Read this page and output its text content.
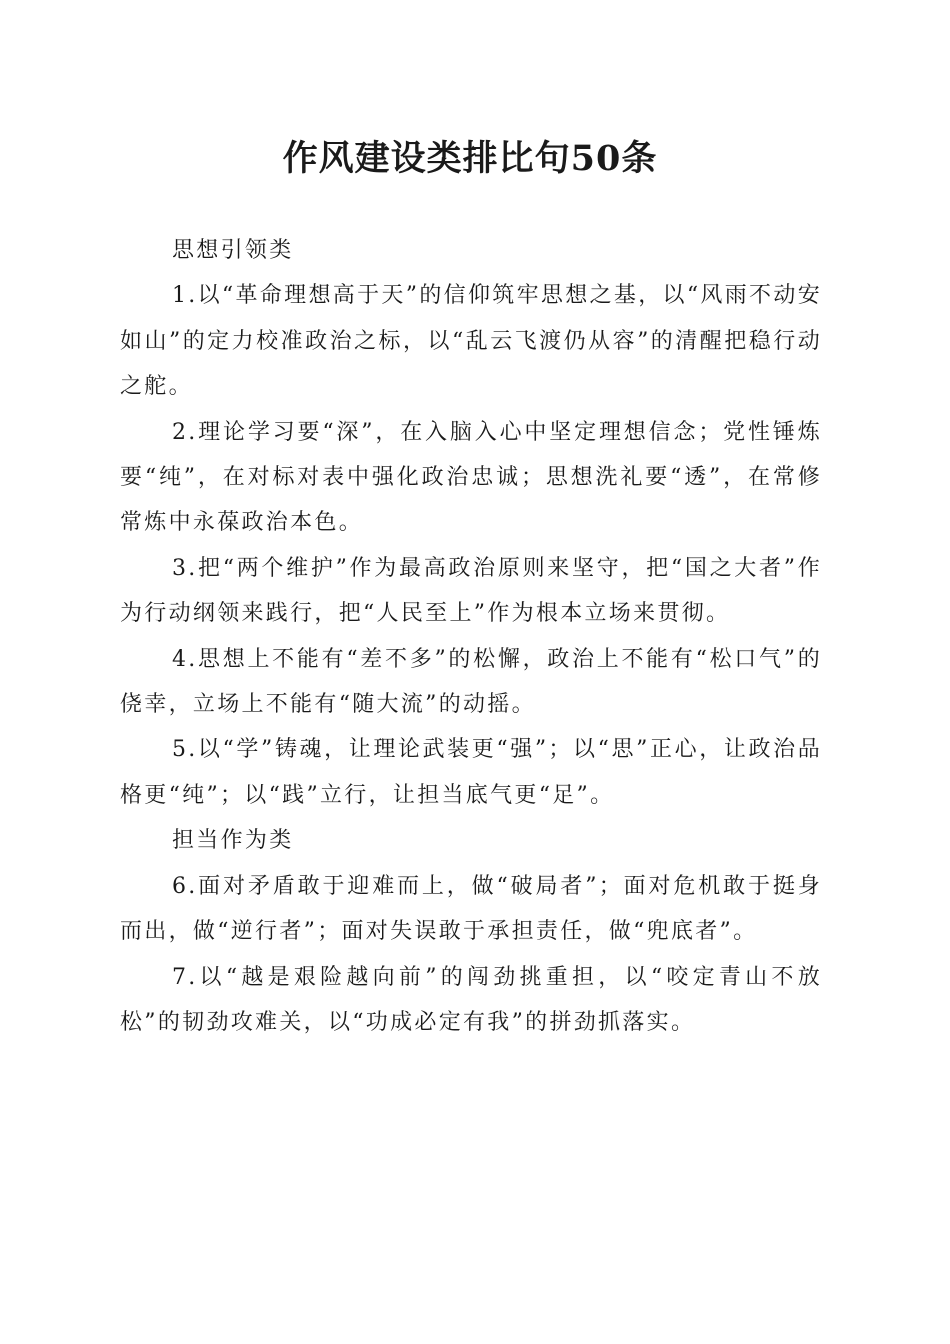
作风建设类排比句50条

思想引领类

1.以“革命理想高于天”的信仰筑牢思想之基，以“风雨不动安如山”的定力校准政治之标，以“乱云飞渡仍从容”的清醒把稳行动之舵。

2.理论学习要“深”，在入脑入心中坚定理想信念；党性锤炼要“纯”，在对标对表中强化政治忠诚；思想洗礼要“透”，在常修常炼中永葆政治本色。

3.把“两个维护”作为最高政治原则来坚守，把“国之大者”作为行动纲领来践行，把“人民至上”作为根本立场来贯彻。

4.思想上不能有“差不多”的松懈，政治上不能有“松口气”的侥幸，立场上不能有“随大流”的动摇。

5.以“学”铸魂，让理论武装更“强”；以“思”正心，让政治品格更“纯”；以“践”立行，让担当底气更“足”。

担当作为类

6.面对矛盾敢于迎难而上，做“破局者”；面对危机敢于挺身而出，做“逆行者”；面对失误敢于承担责任，做“兜底者”。

7.以“越是艰险越向前”的闯劲挑重担，以“咬定青山不放松”的韧劲攻难关，以“功成必定有我”的拼劲抓落实。
